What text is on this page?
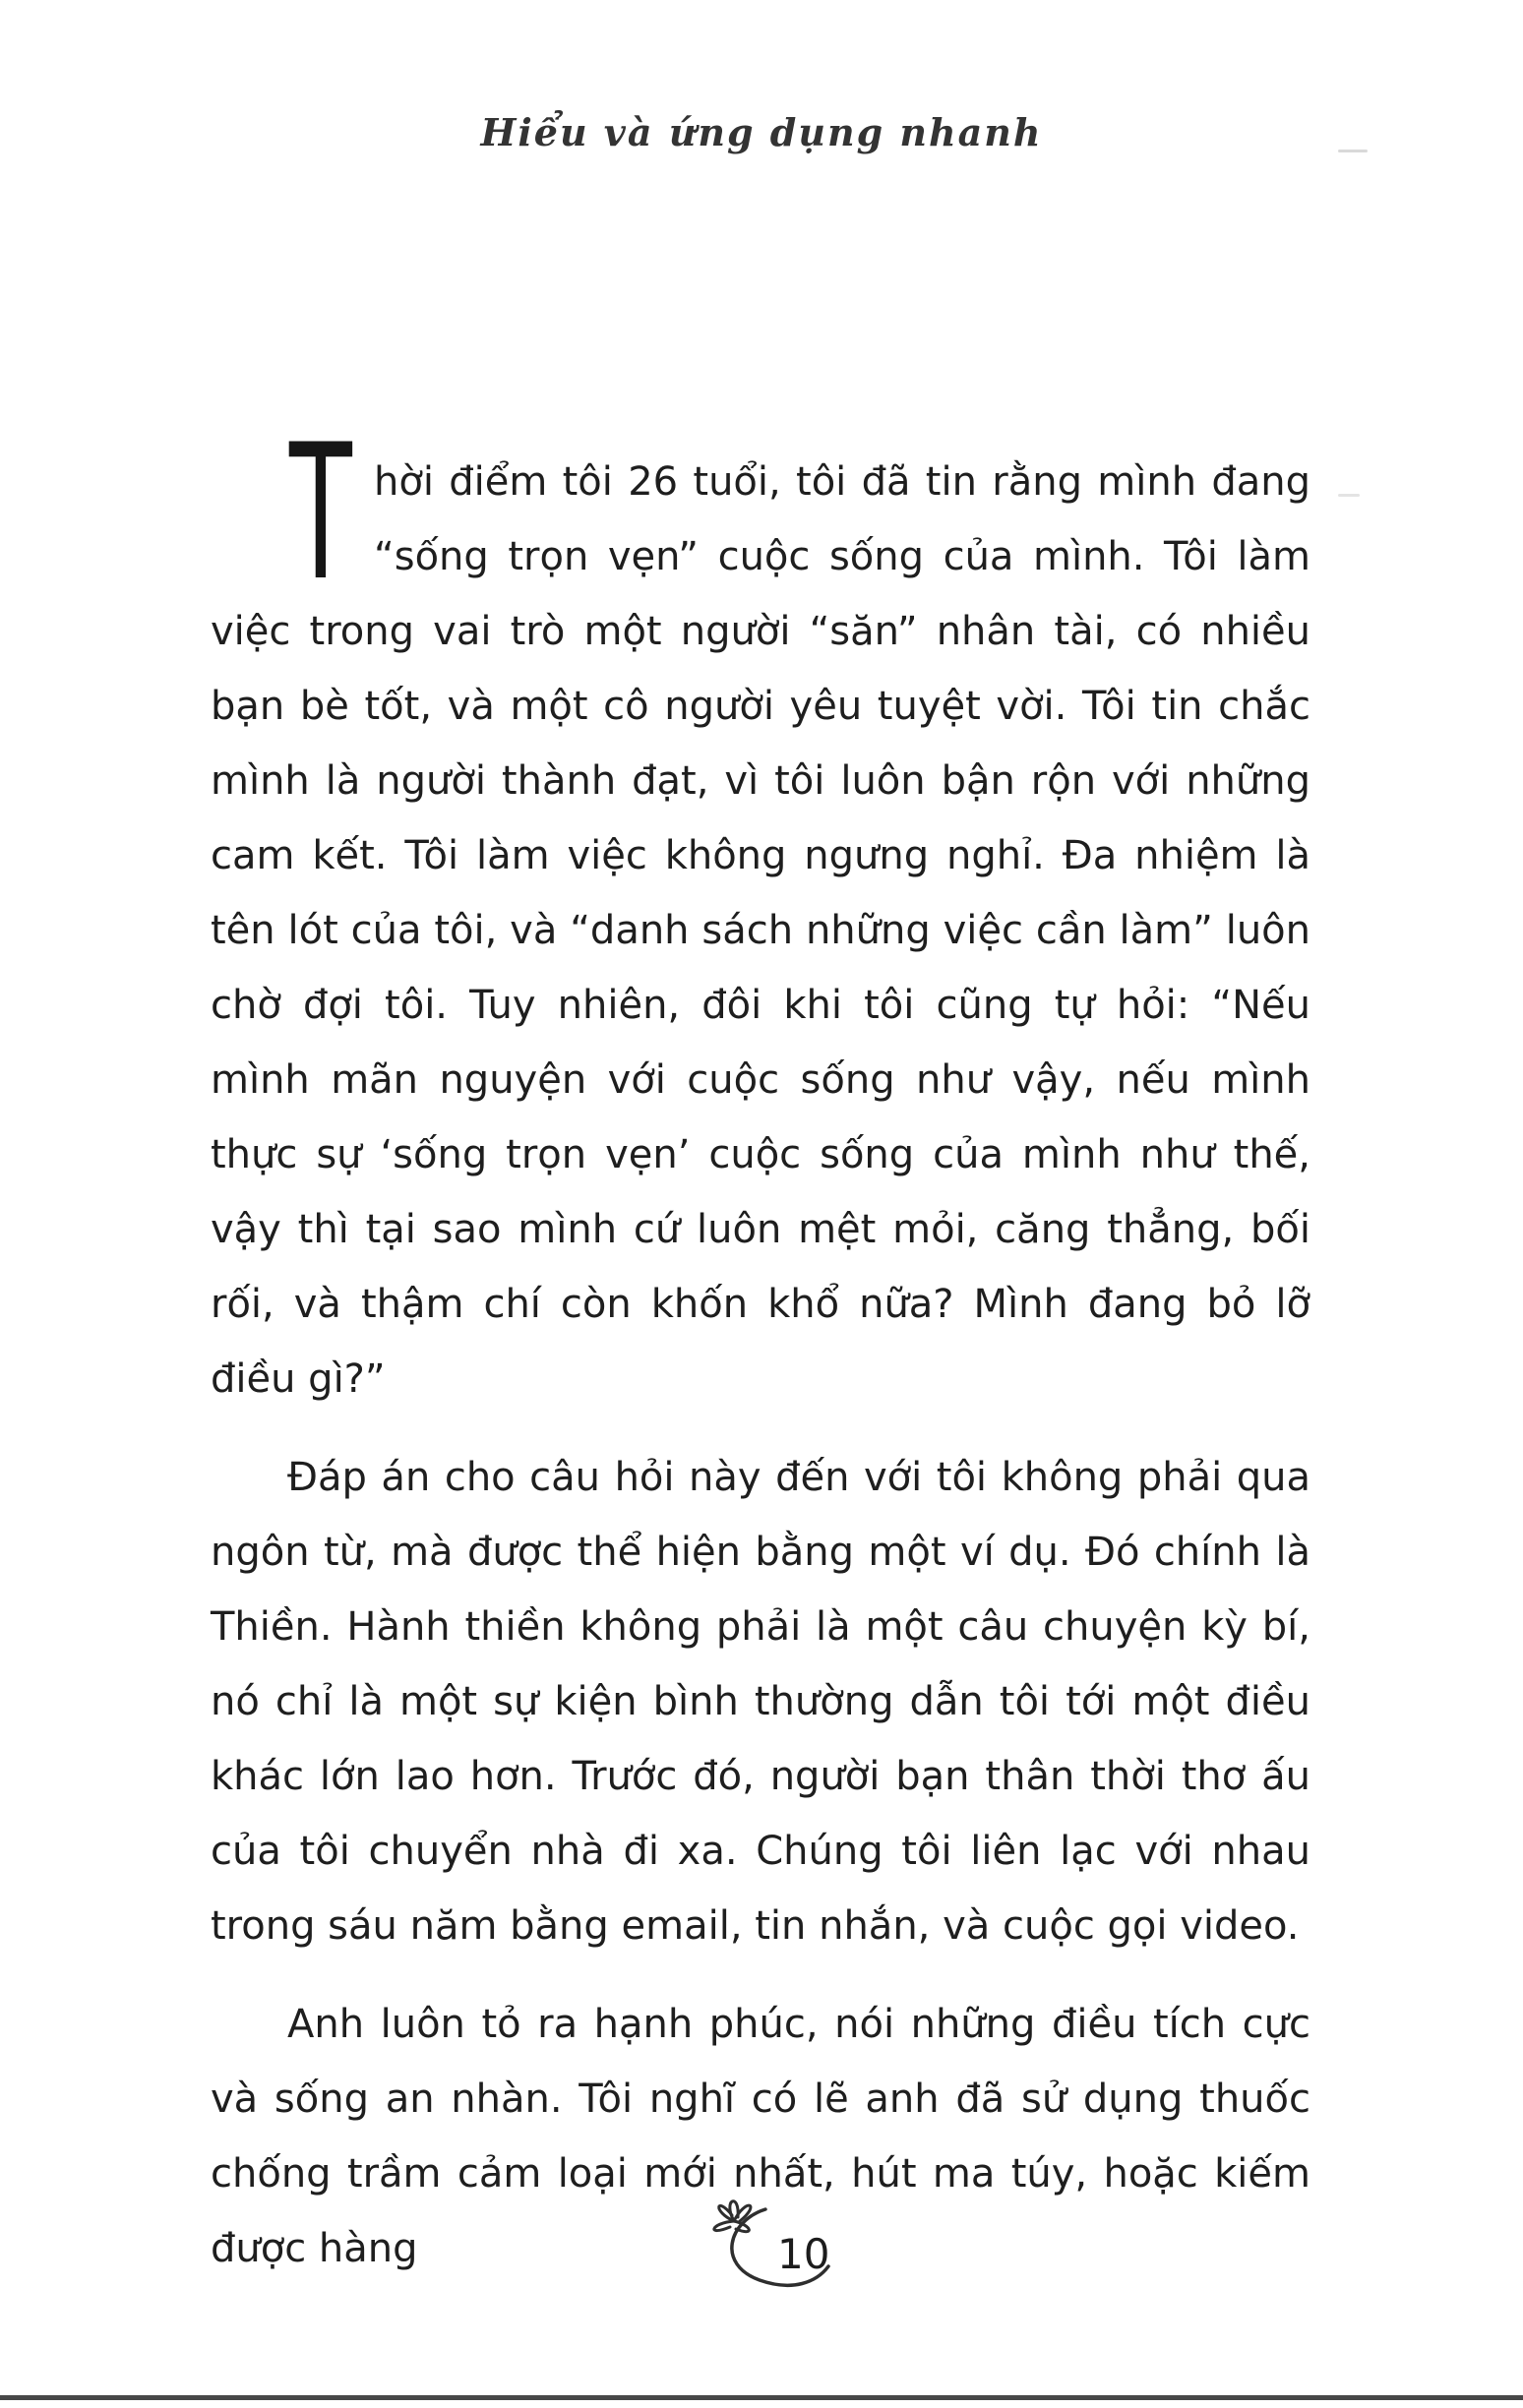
Hiểu và ứng dụng nhanh

Thời điểm tôi 26 tuổi, tôi đã tin rằng mình đang “sống trọn vẹn” cuộc sống của mình. Tôi làm việc trong vai trò một người “săn” nhân tài, có nhiều bạn bè tốt, và một cô người yêu tuyệt vời. Tôi tin chắc mình là người thành đạt, vì tôi luôn bận rộn với những cam kết. Tôi làm việc không ngưng nghỉ. Đa nhiệm là tên lót của tôi, và “danh sách những việc cần làm” luôn chờ đợi tôi. Tuy nhiên, đôi khi tôi cũng tự hỏi: “Nếu mình mãn nguyện với cuộc sống như vậy, nếu mình thực sự ‘sống trọn vẹn’ cuộc sống của mình như thế, vậy thì tại sao mình cứ luôn mệt mỏi, căng thẳng, bối rối, và thậm chí còn khốn khổ nữa? Mình đang bỏ lỡ điều gì?”

Đáp án cho câu hỏi này đến với tôi không phải qua ngôn từ, mà được thể hiện bằng một ví dụ. Đó chính là Thiền. Hành thiền không phải là một câu chuyện kỳ bí, nó chỉ là một sự kiện bình thường dẫn tôi tới một điều khác lớn lao hơn. Trước đó, người bạn thân thời thơ ấu của tôi chuyển nhà đi xa. Chúng tôi liên lạc với nhau trong sáu năm bằng email, tin nhắn, và cuộc gọi video.

Anh luôn tỏ ra hạnh phúc, nói những điều tích cực và sống an nhàn. Tôi nghĩ có lẽ anh đã sử dụng thuốc chống trầm cảm loại mới nhất, hút ma túy, hoặc kiếm được hàng	10
